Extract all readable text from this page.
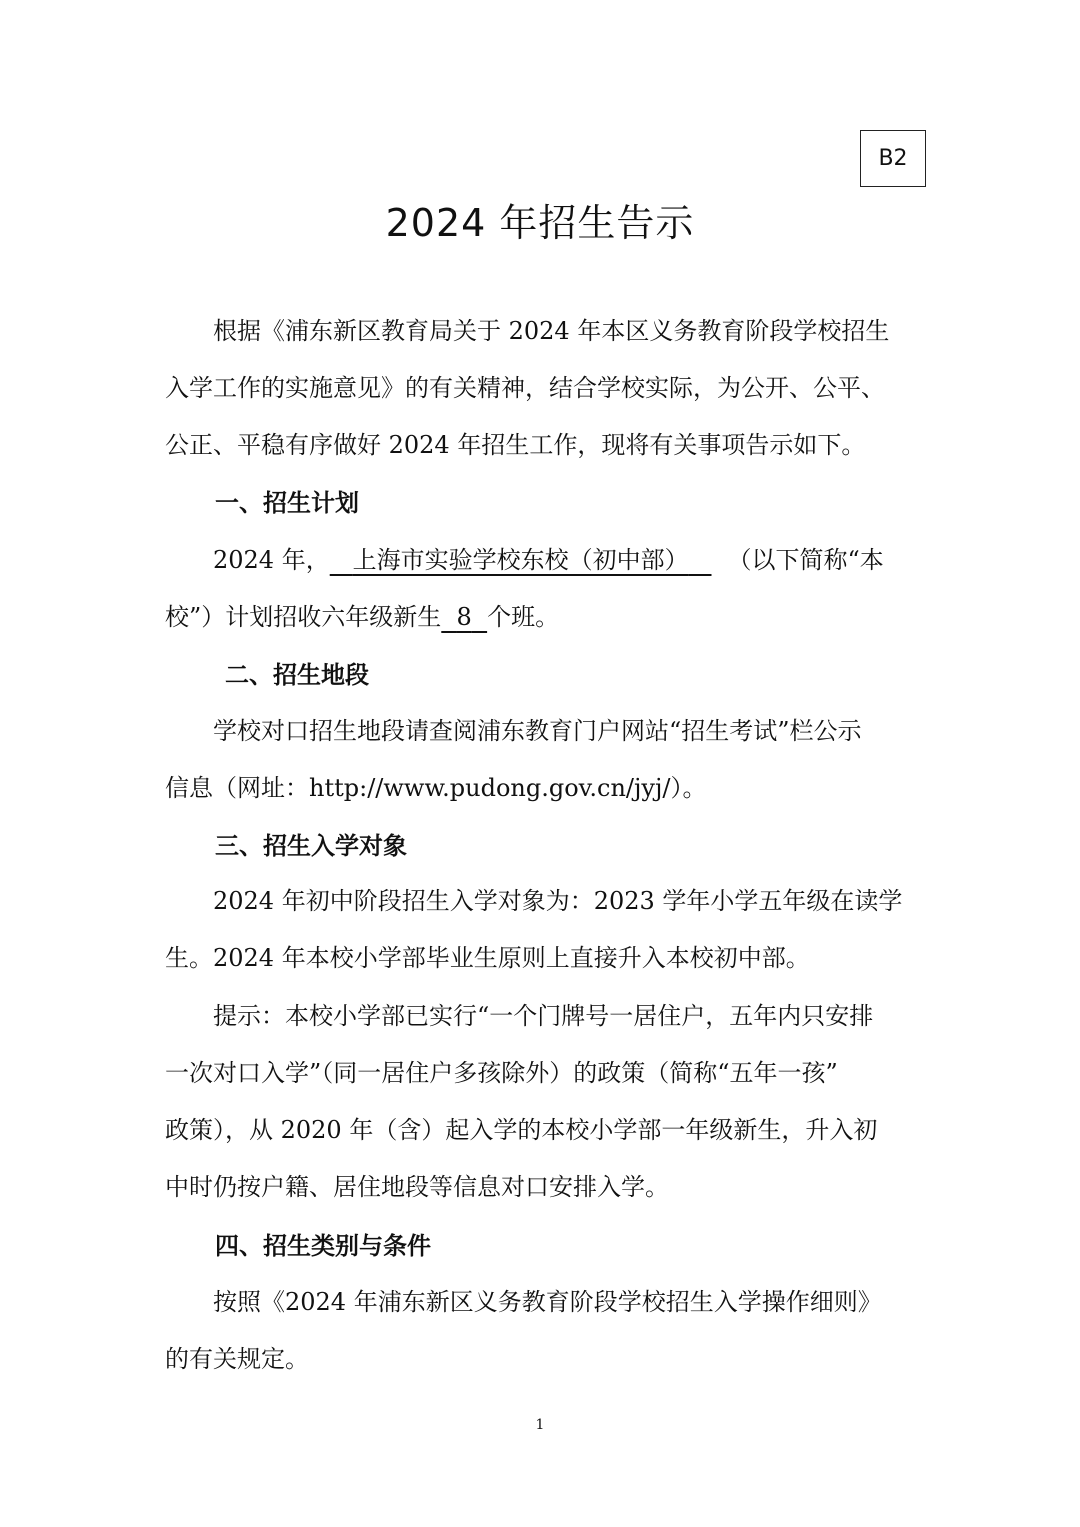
B2
2024 年招生告示
根据《浦东新区教育局关于 2024 年本区义务教育阶段学校招生
入学工作的实施意见》的有关精神，结合学校实际，为公开、公平、
公正、平稳有序做好 2024 年招生工作，现将有关事项告示如下。
一、招生计划
2024 年， 上海市实验学校东校（初中部） （以下简称“本
校”）计划招收六年级新生 8 个班。
二、招生地段
学校对口招生地段请查阅浦东教育门户网站“招生考试”栏公示
信息（网址：http://www.pudong.gov.cn/jyj/）。
三、招生入学对象
2024 年初中阶段招生入学对象为：2023 学年小学五年级在读学
生。2024 年本校小学部毕业生原则上直接升入本校初中部。
提示：本校小学部已实行“一个门牌号一居住户，五年内只安排
一次对口入学”（同一居住户多孩除外）的政策（简称“五年一孩”
政策），从 2020 年（含）起入学的本校小学部一年级新生，升入初
中时仍按户籍、居住地段等信息对口安排入学。
四、招生类别与条件
按照《2024 年浦东新区义务教育阶段学校招生入学操作细则》
的有关规定。
1
